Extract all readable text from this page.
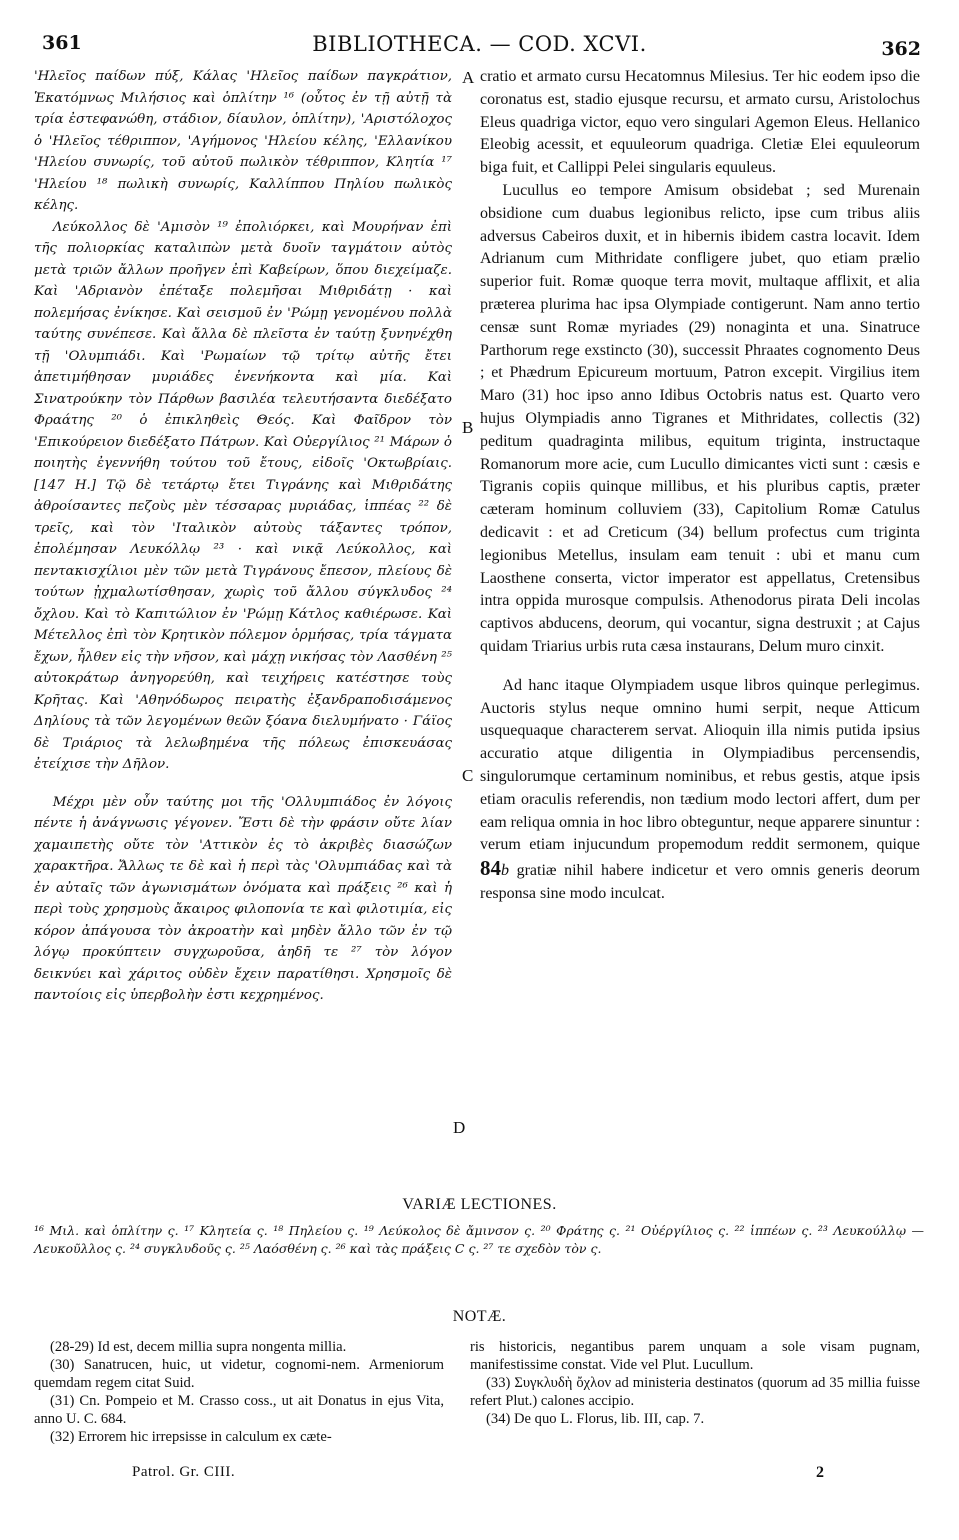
361	BIBLIOTHECA. — COD. XCVI.	362

'Ηλεῖος παίδων πύξ, Κάλας 'Ηλεῖος παίδων παγκράτιον, Ἑκατόμνως Μιλήσιος καὶ ὁπλίτην ¹⁶ (οὗτος ἐν τῇ αὐτῇ τὰ τρία ἐστεφανώθη, στάδιον, δίαυλον, ὁπλίτην), 'Αριστόλοχος ὁ 'Ηλεῖος τέθριππον, 'Αγήμονος 'Ηλείου κέλης, 'Ελλανίκου 'Ηλείου συνωρίς, τοῦ αὐτοῦ πωλικὸν τέθριππον, Κλητία ¹⁷ 'Ηλείου ¹⁸ πωλικὴ συνωρίς, Καλλίππου Πηλίου πωλικὸς κέλης.

Λεύκολλος δὲ 'Αμισὸν ¹⁹ ἐπολιόρκει, καὶ Μουρήναν ἐπὶ τῆς πολιορκίας καταλιπὼν μετὰ δυοῖν ταγμάτοιν αὐτὸς μετὰ τριῶν ἄλλων προῆγεν ἐπὶ Καβείρων, ὅπου διεχείμαζε. Καὶ 'Αδριανὸν ἐπέταξε πολεμῆσαι Μιθριδάτῃ · καὶ πολεμήσας ἐνίκησε. Καὶ σεισμοῦ ἐν 'Ρώμῃ γενομένου πολλὰ ταύτης συνέπεσε. Καὶ ἄλλα δὲ πλεῖστα ἐν ταύτῃ ξυνηνέχθη τῇ 'Ολυμπιάδι. Καὶ 'Ρωμαίων τῷ τρίτῳ αὐτῆς ἔτει ἀπετιμήθησαν μυριάδες ἐνενήκοντα καὶ μία. Καὶ Σινατρούκην τὸν Πάρθων βασιλέα τελευτήσαντα διεδέξατο Φραάτης ²⁰ ὁ ἐπικληθεὶς Θεός. Καὶ Φαῖδρον τὸν 'Επικούρειον διεδέξατο Πάτρων. Καὶ Οὐεργίλιος ²¹ Μάρων ὁ ποιητὴς ἐγεννήθη τούτου τοῦ ἔτους, εἰδοῖς 'Οκτωβρίαις. [147 H.] Τῷ δὲ τετάρτῳ ἔτει Τιγράνης καὶ Μιθριδάτης ἀθροίσαντες πεζοὺς μὲν τέσσαρας μυριάδας, ἱππέας ²² δὲ τρεῖς, καὶ τὸν 'Ιταλικὸν αὐτοὺς τάξαντες τρόπον, ἐπολέμησαν Λευκόλλῳ ²³ · καὶ νικᾷ Λεύκολλος, καὶ πεντακισχίλιοι μὲν τῶν μετὰ Τιγράνους ἔπεσον, πλείους δὲ τούτων ᾐχμαλωτίσθησαν, χωρὶς τοῦ ἄλλου σύγκλυδος ²⁴ ὄχλου. Καὶ τὸ Καπιτώλιον ἐν 'Ρώμῃ Κάτλος καθιέρωσε. Καὶ Μέτελλος ἐπὶ τὸν Κρητικὸν πόλεμον ὁρμήσας, τρία τάγματα ἔχων, ἦλθεν εἰς τὴν νῆσον, καὶ μάχῃ νικήσας τὸν Λασθένη ²⁵ αὐτοκράτωρ ἀνηγορεύθη, καὶ τειχήρεις κατέστησε τοὺς Κρῆτας. Καὶ 'Αθηνόδωρος πειρατὴς ἐξανδραποδισάμενος Δηλίους τὰ τῶν λεγομένων θεῶν ξόανα διελυμήνατο · Γάϊος δὲ Τριάριος τὰ λελωβημένα τῆς πόλεως ἐπισκευάσας ἐτείχισε τὴν Δῆλον.

Μέχρι μὲν οὖν ταύτης μοι τῆς 'Ολλυμπιάδος ἐν λόγοις πέντε ἡ ἀνάγνωσις γέγονεν. Ἔστι δὲ τὴν φράσιν οὔτε λίαν χαμαιπετὴς οὔτε τὸν 'Αττικὸν ἐς τὸ ἀκριβὲς διασώζων χαρακτῆρα. Ἄλλως τε δὲ καὶ ἡ περὶ τὰς 'Ολυμπιάδας καὶ τὰ ἐν αὐταῖς τῶν ἀγωνισμάτων ὀνόματα καὶ πράξεις ²⁶ καὶ ἡ περὶ τοὺς χρησμοὺς ἄκαιρος φιλοπονία τε καὶ φιλοτιμία, εἰς κόρον ἀπάγουσα τὸν ἀκροατὴν καὶ μηδὲν ἄλλο τῶν ἐν τῷ λόγῳ προκύπτειν συγχωροῦσα, ἀηδῆ τε ²⁷ τὸν λόγον δεικνύει καὶ χάριτος οὐδὲν ἔχειν παρατίθησι. Χρησμοῖς δὲ παντοίοις εἰς ὑπερβολὴν ἐστι κεχρημένος.

A
B
C
D

cratio et armato cursu Hecatomnus Milesius. Ter hic eodem ipso die coronatus est, stadio ejusque recursu, et armato cursu, Aristolochus Eleus quadriga victor, equo vero singulari Agemon Eleus. Hellanico Eleobig acessit, et equuleorum quadriga. Cletiæ Elei equuleorum biga fuit, et Callippi Pelei singularis equuleus.

Lucullus eo tempore Amisum obsidebat ; sed Murenain obsidione cum duabus legionibus relicto, ipse cum tribus aliis adversus Cabeiros duxit, et in hibernis ibidem castra locavit. Idem Adrianum cum Mithridate confligere jubet, quo etiam prælio superior fuit. Romæ quoque terra movit, multaque afflixit, et alia præterea plurima hac ipsa Olympiade contigerunt. Nam anno tertio censæ sunt Romæ myriades (29) nonaginta et una. Sinatruce Parthorum rege exstincto (30), successit Phraates cognomento Deus ; et Phædrum Epicureum mortuum, Patron excepit. Virgilius item Maro (31) hoc ipso anno Idibus Octobris natus est. Quarto vero hujus Olympiadis anno Tigranes et Mithridates, collectis (32) peditum quadraginta milibus, equitum triginta, instructaque Romanorum more acie, cum Lucullo dimicantes victi sunt : cæsis e Tigranis copiis quinque millibus, et his pluribus captis, præter cæteram hominum colluviem (33), Capitolium Romæ Catulus dedicavit : et ad Creticum (34) bellum profectus cum triginta legionibus Metellus, insulam eam tenuit : ubi et manu cum Laosthene conserta, victor imperator est appellatus, Cretensibus intra oppida murosque compulsis. Athenodorus pirata Deli incolas captivos abducens, deorum, qui vocantur, signa destruxit ; at Cajus quidam Triarius urbis ruta cæsa instaurans, Delum muro cinxit.

Ad hanc itaque Olympiadem usque libros quinque perlegimus. Auctoris stylus neque omnino humi serpit, neque Atticum usquequaque characterem servat. Alioquin illa nimis putida ipsius accuratio atque diligentia in Olympiadibus percensendis, singulorumque certaminum nominibus, et rebus gestis, atque ipsis etiam oraculis referendis, non tædium modo lectori affert, dum per eam reliqua omnia in hoc libro obteguntur, neque apparere sinuntur : verum etiam injucundum propemodum reddit sermonem, quique 84b gratiæ nihil habere indicetur et vero omnis generis deorum responsa sine modo inculcat.

VARIÆ LECTIONES.

¹⁶ Μιλ. καὶ ὁπλίτην ς. ¹⁷ Κλητεία ς. ¹⁸ Πηλείου ς. ¹⁹ Λεύκολος δὲ ἄμινσον ς. ²⁰ Φράτης ς. ²¹ Οὐέργίλιος ς. ²² ἱππέων ς. ²³ Λευκούλλῳ — Λευκοῦλλος ς. ²⁴ συγκλυδοῦς ς. ²⁵ Λαόσθένη ς. ²⁶ καὶ τὰς πράξεις C ς. ²⁷ τε σχεδὸν τὸν ς.

NOTÆ.

(28-29) Id est, decem millia supra nongenta millia.

(30) Sanatrucen, huic, ut videtur, cognomi-nem. Armeniorum quemdam regem citat Suid.

(31) Cn. Pompeio et M. Crasso coss., ut ait Donatus in ejus Vita, anno U. C. 684.

(32) Errorem hic irrepsisse in calculum ex cæte-

ris historicis, negantibus parem unquam a sole visam pugnam, manifestissime constat. Vide vel Plut. Lucullum.

(33) Συγκλυδὴ ὄχλον ad ministeria destinatos (quorum ad 35 millia fuisse refert Plut.) calones accipio.

(34) De quo L. Florus, lib. III, cap. 7.

Patrol. Gr. CIII.	2
